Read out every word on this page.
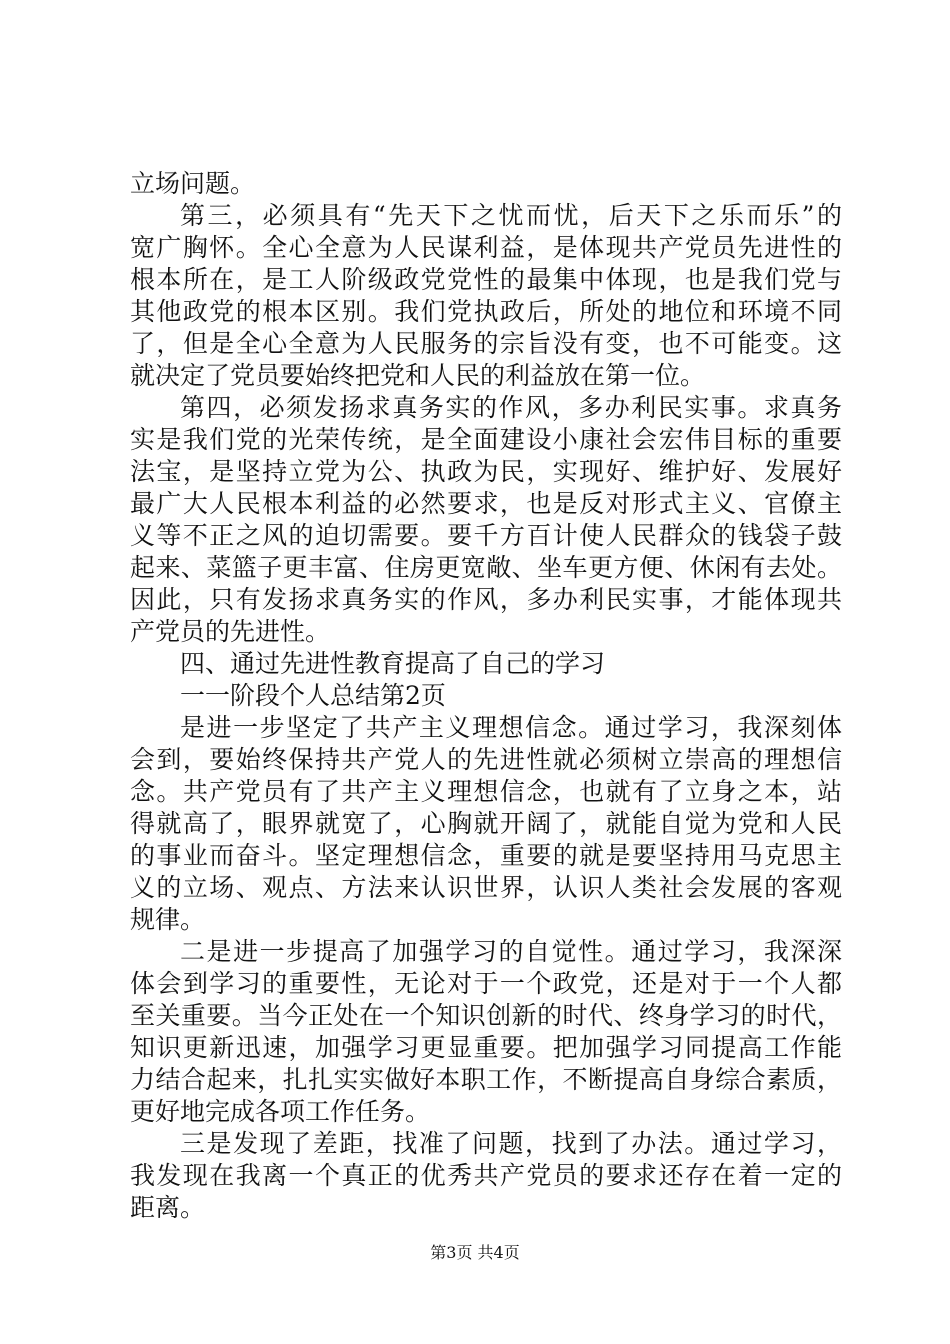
立场问题。
第三，必须具有“先天下之忧而忧，后天下之乐而乐”的
宽广胸怀。全心全意为人民谋利益，是体现共产党员先进性的
根本所在，是工人阶级政党党性的最集中体现，也是我们党与
其他政党的根本区别。我们党执政后，所处的地位和环境不同
了，但是全心全意为人民服务的宗旨没有变，也不可能变。这
就决定了党员要始终把党和人民的利益放在第一位。
第四，必须发扬求真务实的作风，多办利民实事。求真务
实是我们党的光荣传统，是全面建设小康社会宏伟目标的重要
法宝，是坚持立党为公、执政为民，实现好、维护好、发展好
最广大人民根本利益的必然要求，也是反对形式主义、官僚主
义等不正之风的迫切需要。要千方百计使人民群众的钱袋子鼓
起来、菜篮子更丰富、住房更宽敞、坐车更方便、休闲有去处。
因此，只有发扬求真务实的作风，多办利民实事，才能体现共
产党员的先进性。
四、通过先进性教育提高了自己的学习
一一阶段个人总结第2页
是进一步坚定了共产主义理想信念。通过学习，我深刻体
会到，要始终保持共产党人的先进性就必须树立崇高的理想信
念。共产党员有了共产主义理想信念，也就有了立身之本，站
得就高了，眼界就宽了，心胸就开阔了，就能自觉为党和人民
的事业而奋斗。坚定理想信念，重要的就是要坚持用马克思主
义的立场、观点、方法来认识世界，认识人类社会发展的客观
规律。
二是进一步提高了加强学习的自觉性。通过学习，我深深
体会到学习的重要性，无论对于一个政党，还是对于一个人都
至关重要。当今正处在一个知识创新的时代、终身学习的时代，
知识更新迅速，加强学习更显重要。把加强学习同提高工作能
力结合起来，扎扎实实做好本职工作，不断提高自身综合素质，
更好地完成各项工作任务。
三是发现了差距，找准了问题，找到了办法。通过学习，
我发现在我离一个真正的优秀共产党员的要求还存在着一定的
距离。
第3页 共4页
